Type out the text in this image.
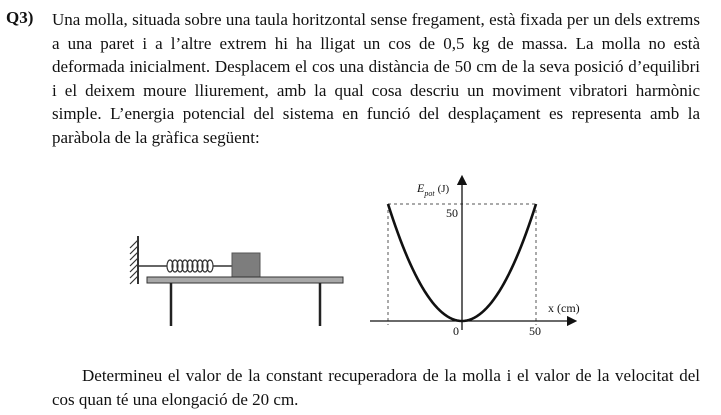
Q3) Una molla, situada sobre una taula horitzontal sense fregament, està fixada per un dels extrems a una paret i a l’altre extrem hi ha lligat un cos de 0,5 kg de massa. La molla no està deformada inicialment. Desplacem el cos una distància de 50 cm de la seva posició d’equilibri i el deixem moure lliurement, amb la qual cosa descriu un moviment vibratori harmònic simple. L’energia potencial del sistema en funció del desplaçament es representa amb la paràbola de la gràfica següent:
$E_{pot}$ (J)
50
0	50
x (cm)
Determineu el valor de la constant recuperadora de la molla i el valor de la velocitat del cos quan té una elongació de 20 cm.
